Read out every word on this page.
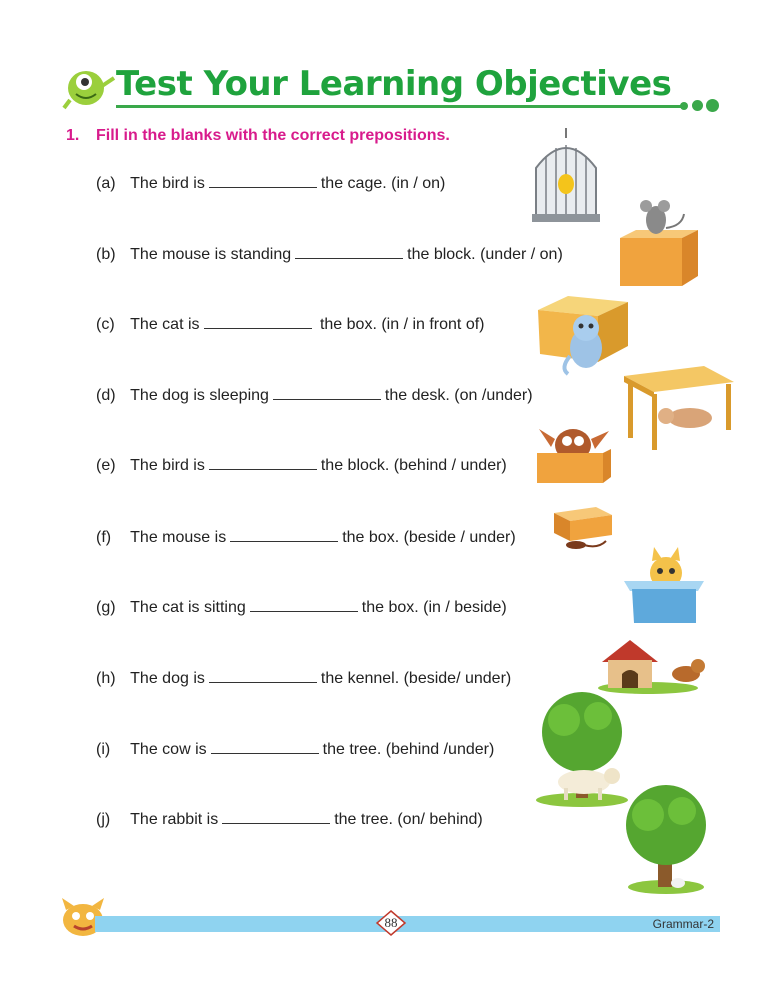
Test Your Learning Objectives
1. Fill in the blanks with the correct prepositions.
(a) The bird is	the cage. (in / on)
(b) The mouse is standing	the block. (under / on)
(c) The cat is	the box. (in / in front of)
(d) The dog is sleeping	the desk. (on /under)
(e) The bird is	the block. (behind / under)
(f) The mouse is	the box. (beside / under)
(g) The cat is sitting	the box. (in / beside)
(h) The dog is	the kennel. (beside/ under)
(i) The cow is	the tree. (behind /under)
(j) The rabbit is	the tree. (on/ behind)
88	Grammar-2
